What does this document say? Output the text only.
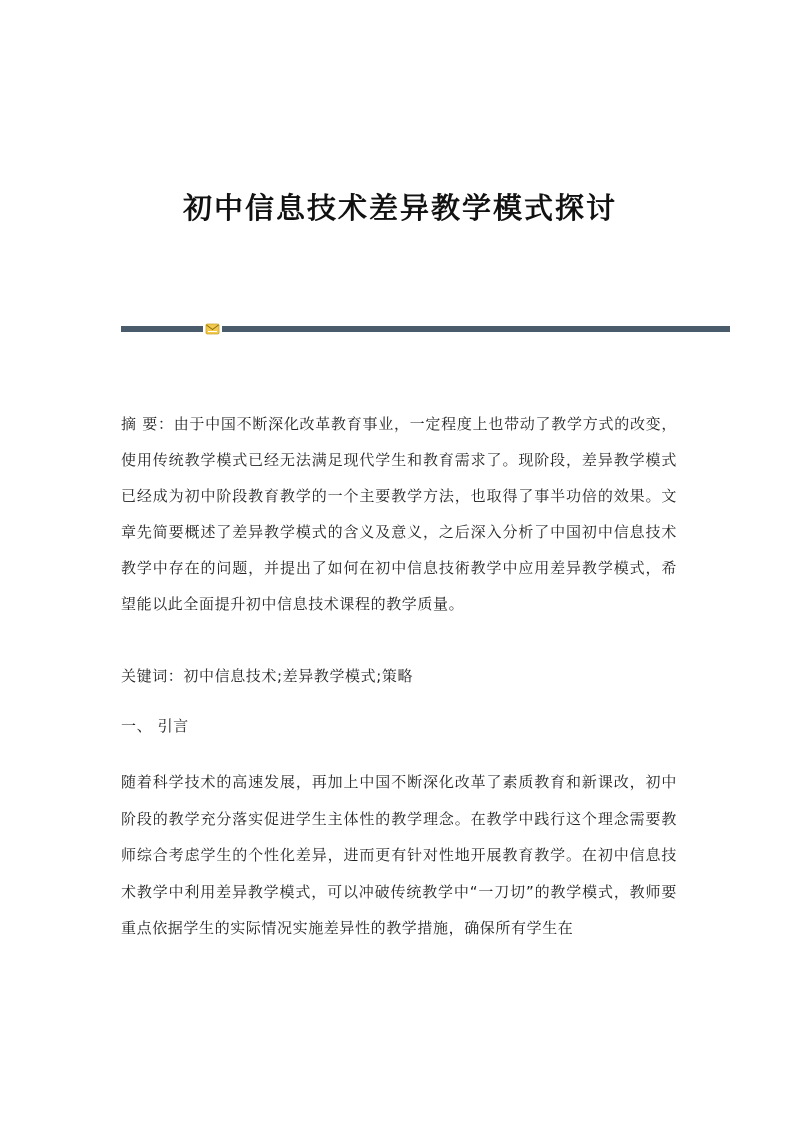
初中信息技术差异教学模式探讨

摘 要：由于中国不断深化改革教育事业，一定程度上也带动了教学方式的改变，使用传统教学模式已经无法满足现代学生和教育需求了。现阶段，差异教学模式已经成为初中阶段教育教学的一个主要教学方法，也取得了事半功倍的效果。文章先简要概述了差异教学模式的含义及意义，之后深入分析了中国初中信息技术教学中存在的问题，并提出了如何在初中信息技術教学中应用差异教学模式，希望能以此全面提升初中信息技术课程的教学质量。

关键词：初中信息技术;差异教学模式;策略

一、 引言

随着科学技术的高速发展，再加上中国不断深化改革了素质教育和新课改，初中阶段的教学充分落实促进学生主体性的教学理念。在教学中践行这个理念需要教师综合考虑学生的个性化差异，进而更有针对性地开展教育教学。在初中信息技术教学中利用差异教学模式，可以冲破传统教学中“一刀切”的教学模式，教师要重点依据学生的实际情况实施差异性的教学措施，确保所有学生在
